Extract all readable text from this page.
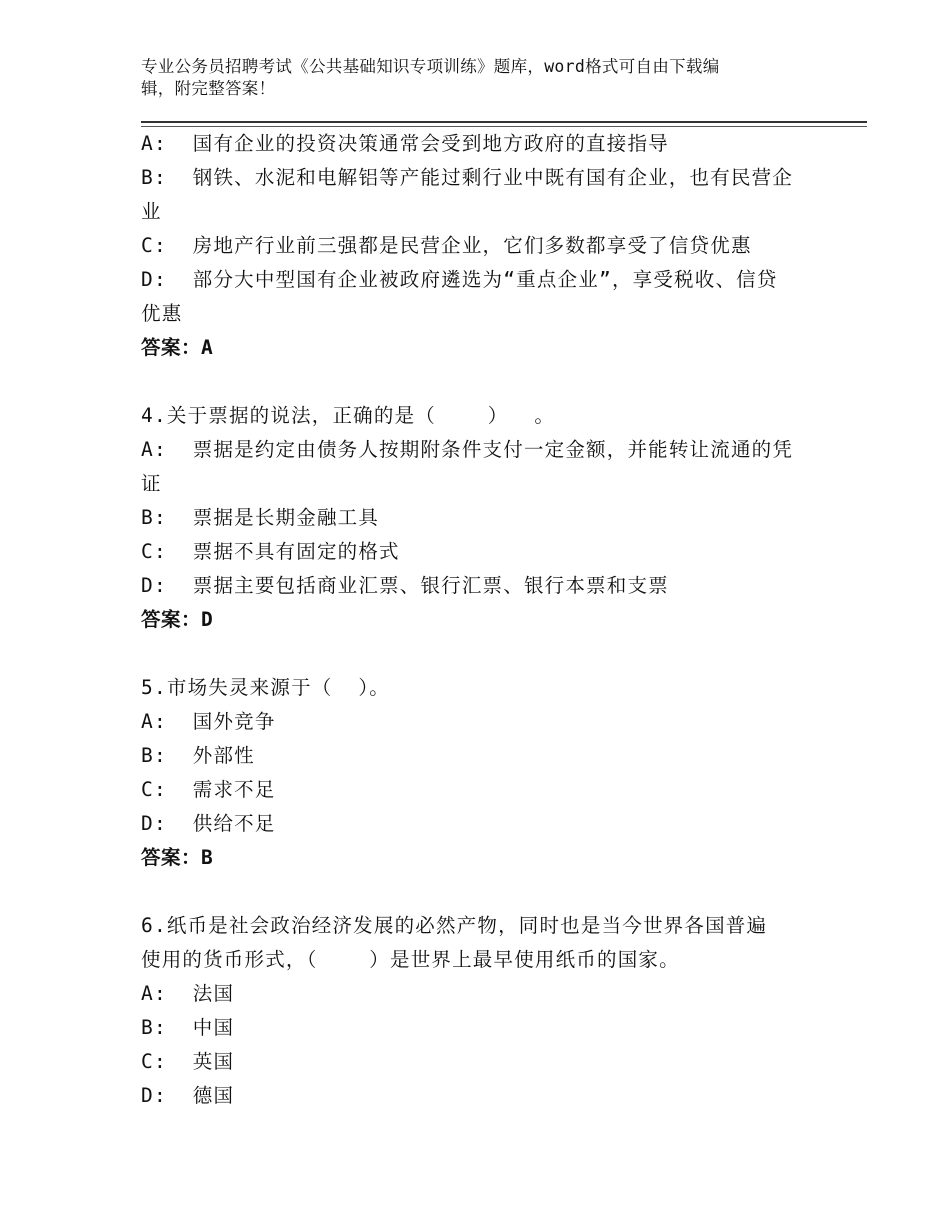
专业公务员招聘考试《公共基础知识专项训练》题库，word格式可自由下载编
辑，附完整答案！
A:  国有企业的投资决策通常会受到地方政府的直接指导
B:  钢铁、水泥和电解铝等产能过剩行业中既有国有企业，也有民营企
业
C:  房地产行业前三强都是民营企业，它们多数都享受了信贷优惠
D:  部分大中型国有企业被政府遴选为“重点企业”，享受税收、信贷
优惠
答案：A
4.关于票据的说法，正确的是（    ）  。
A:  票据是约定由债务人按期附条件支付一定金额，并能转让流通的凭
证
B:  票据是长期金融工具
C:  票据不具有固定的格式
D:  票据主要包括商业汇票、银行汇票、银行本票和支票
答案：D
5.市场失灵来源于（  ）。
A:  国外竞争
B:  外部性
C:  需求不足
D:  供给不足
答案：B
6.纸币是社会政治经济发展的必然产物，同时也是当今世界各国普遍
使用的货币形式，（    ）是世界上最早使用纸币的国家。
A:  法国
B:  中国
C:  英国
D:  德国
